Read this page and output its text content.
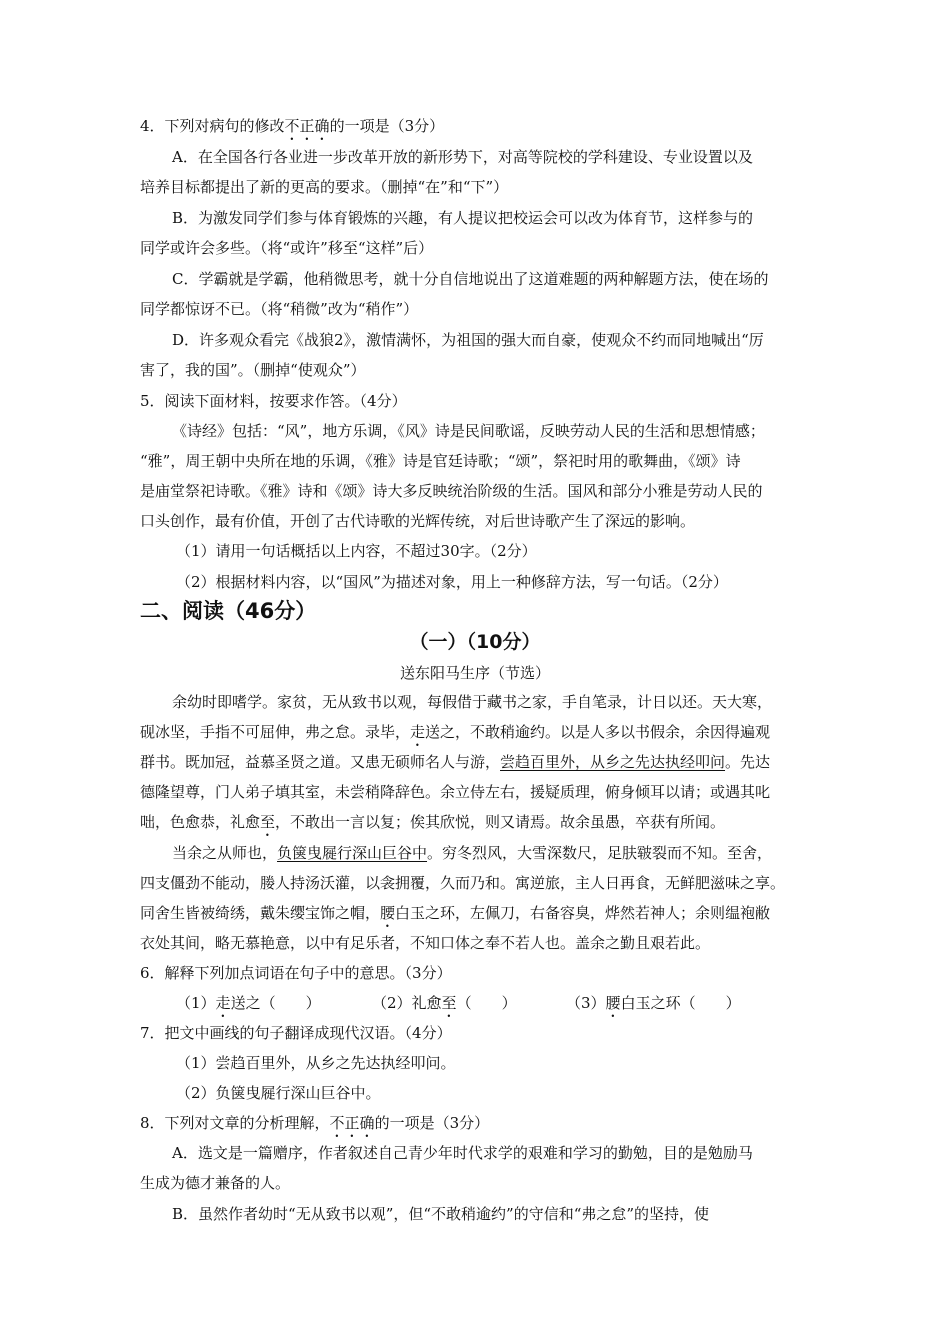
4．下列对病句的修改不正确的一项是（3分）
A．在全国各行各业进一步改革开放的新形势下，对高等院校的学科建设、专业设置以及
培养目标都提出了新的更高的要求。（删掉“在”和“下”）
B．为激发同学们参与体育锻炼的兴趣，有人提议把校运会可以改为体育节，这样参与的
同学或许会多些。（将“或许”移至“这样”后）
C．学霸就是学霸，他稍微思考，就十分自信地说出了这道难题的两种解题方法，使在场的
同学都惊讶不已。（将“稍微”改为“稍作”）
D．许多观众看完《战狼2》，激情满怀，为祖国的强大而自豪，使观众不约而同地喊出“厉
害了，我的国”。（删掉“使观众”）
5．阅读下面材料，按要求作答。（4分）
《诗经》包括：“风”，地方乐调，《风》诗是民间歌谣，反映劳动人民的生活和思想情感；
“雅”，周王朝中央所在地的乐调，《雅》诗是官廷诗歌；“颂”，祭祀时用的歌舞曲，《颂》诗
是庙堂祭祀诗歌。《雅》诗和《颂》诗大多反映统治阶级的生活。国风和部分小雅是劳动人民的
口头创作，最有价值，开创了古代诗歌的光辉传统，对后世诗歌产生了深远的影响。
（1）请用一句话概括以上内容，不超过30字。（2分）
（2）根据材料内容，以“国风”为描述对象，用上一种修辞方法，写一句话。（2分）
二、阅读（46分）
（一）（10分）
送东阳马生序（节选）
余幼时即嗜学。家贫，无从致书以观，每假借于藏书之家，手自笔录，计日以还。天大寒，
砚冰坚，手指不可屈伸，弗之怠。录毕，走送之，不敢稍逾约。以是人多以书假余，余因得遍观
群书。既加冠，益慕圣贤之道。又患无硕师名人与游，尝趋百里外，从乡之先达执经叩问。先达
德隆望尊，门人弟子填其室，未尝稍降辞色。余立侍左右，援疑质理，俯身倾耳以请；或遇其叱
咄，色愈恭，礼愈至，不敢出一言以复；俟其欣悦，则又请焉。故余虽愚，卒获有所闻。
当余之从师也，负箧曳屣行深山巨谷中。穷冬烈风，大雪深数尺，足肤皲裂而不知。至舍，
四支僵劲不能动，媵人持汤沃灌，以衾拥覆，久而乃和。寓逆旅，主人日再食，无鲜肥滋味之享。
同舍生皆被绮绣，戴朱缨宝饰之帽，腰白玉之环，左佩刀，右备容臭，烨然若神人；余则缊袍敝
衣处其间，略无慕艳意，以中有足乐者，不知口体之奉不若人也。盖余之勤且艰若此。
6．解释下列加点词语在句子中的意思。（3分）
（1）走送之（　　）	（2）礼愈至（　　）	（3）腰白玉之环（　　）
7．把文中画线的句子翻译成现代汉语。（4分）
（1）尝趋百里外，从乡之先达执经叩问。
（2）负箧曳屣行深山巨谷中。
8．下列对文章的分析理解，不正确的一项是（3分）
A．选文是一篇赠序，作者叙述自己青少年时代求学的艰难和学习的勤勉，目的是勉励马
生成为德才兼备的人。
B．虽然作者幼时“无从致书以观”，但“不敢稍逾约”的守信和“弗之怠”的坚持，使
